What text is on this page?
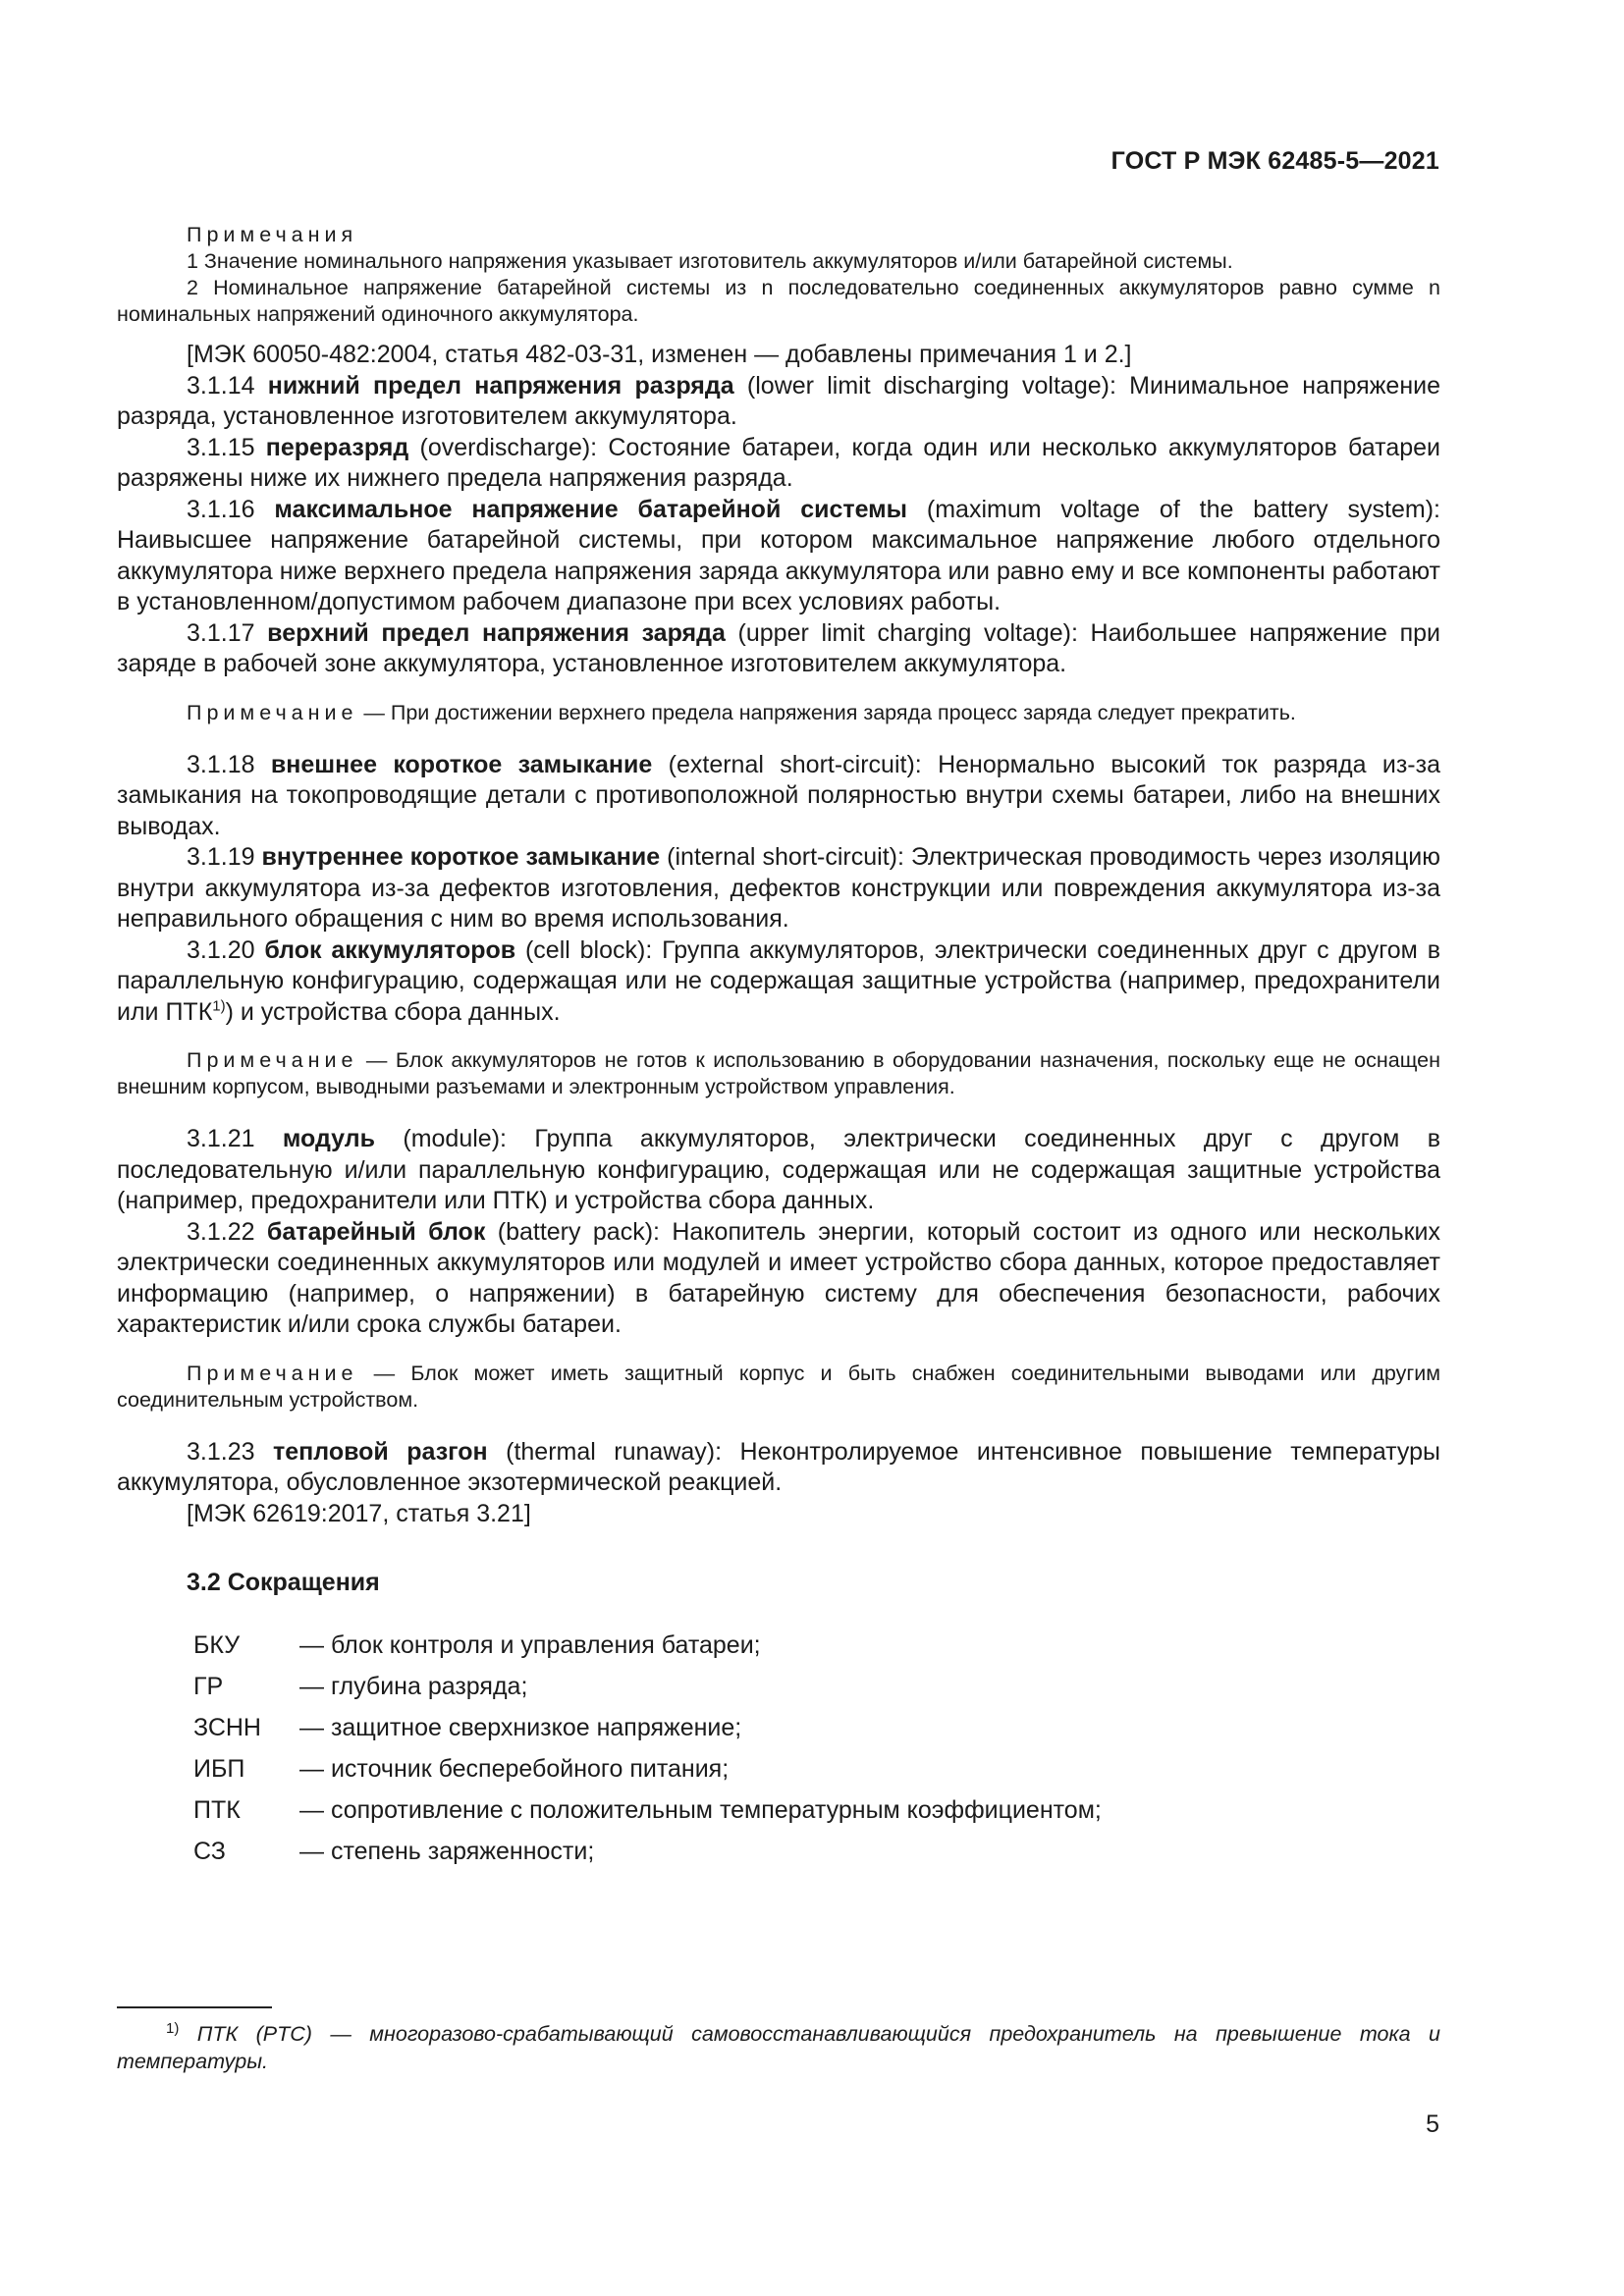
ГОСТ Р МЭК 62485-5—2021

Примечания

1 Значение номинального напряжения указывает изготовитель аккумуляторов и/или батарейной системы.

2 Номинальное напряжение батарейной системы из n последовательно соединенных аккумуляторов равно сумме n номинальных напряжений одиночного аккумулятора.

[МЭК 60050-482:2004, статья 482-03-31, изменен — добавлены примечания 1 и 2.]

3.1.14 нижний предел напряжения разряда (lower limit discharging voltage): Минимальное напряжение разряда, установленное изготовителем аккумулятора.

3.1.15 переразряд (overdischarge): Состояние батареи, когда один или несколько аккумуляторов батареи разряжены ниже их нижнего предела напряжения разряда.

3.1.16 максимальное напряжение батарейной системы (maximum voltage of the battery system): Наивысшее напряжение батарейной системы, при котором максимальное напряжение любого отдельного аккумулятора ниже верхнего предела напряжения заряда аккумулятора или равно ему и все компоненты работают в установленном/допустимом рабочем диапазоне при всех условиях работы.

3.1.17 верхний предел напряжения заряда (upper limit charging voltage): Наибольшее напряжение при заряде в рабочей зоне аккумулятора, установленное изготовителем аккумулятора.

Примечание — При достижении верхнего предела напряжения заряда процесс заряда следует прекратить.

3.1.18 внешнее короткое замыкание (external short-circuit): Ненормально высокий ток разряда из-за замыкания на токопроводящие детали с противоположной полярностью внутри схемы батареи, либо на внешних выводах.

3.1.19 внутреннее короткое замыкание (internal short-circuit): Электрическая проводимость через изоляцию внутри аккумулятора из-за дефектов изготовления, дефектов конструкции или повреждения аккумулятора из-за неправильного обращения с ним во время использования.

3.1.20 блок аккумуляторов (cell block): Группа аккумуляторов, электрически соединенных друг с другом в параллельную конфигурацию, содержащая или не содержащая защитные устройства (например, предохранители или ПТК$^{1)}$) и устройства сбора данных.

Примечание — Блок аккумуляторов не готов к использованию в оборудовании назначения, поскольку еще не оснащен внешним корпусом, выводными разъемами и электронным устройством управления.

3.1.21 модуль (module): Группа аккумуляторов, электрически соединенных друг с другом в последовательную и/или параллельную конфигурацию, содержащая или не содержащая защитные устройства (например, предохранители или ПТК) и устройства сбора данных.

3.1.22 батарейный блок (battery pack): Накопитель энергии, который состоит из одного или нескольких электрически соединенных аккумуляторов или модулей и имеет устройство сбора данных, которое предоставляет информацию (например, о напряжении) в батарейную систему для обеспечения безопасности, рабочих характеристик и/или срока службы батареи.

Примечание — Блок может иметь защитный корпус и быть снабжен соединительными выводами или другим соединительным устройством.

3.1.23 тепловой разгон (thermal runaway): Неконтролируемое интенсивное повышение температуры аккумулятора, обусловленное экзотермической реакцией.

[МЭК 62619:2017, статья 3.21]

3.2 Сокращения
БКУ	— блок контроля и управления батареи;
ГР	— глубина разряда;
ЗСНН	— защитное сверхнизкое напряжение;
ИБП	— источник бесперебойного питания;
ПТК	— сопротивление с положительным температурным коэффициентом;
СЗ	— степень заряженности;

$^{1)}$ ПТК (PTC) — многоразово-срабатывающий самовосстанавливающийся предохранитель на превышение тока и температуры.

5
